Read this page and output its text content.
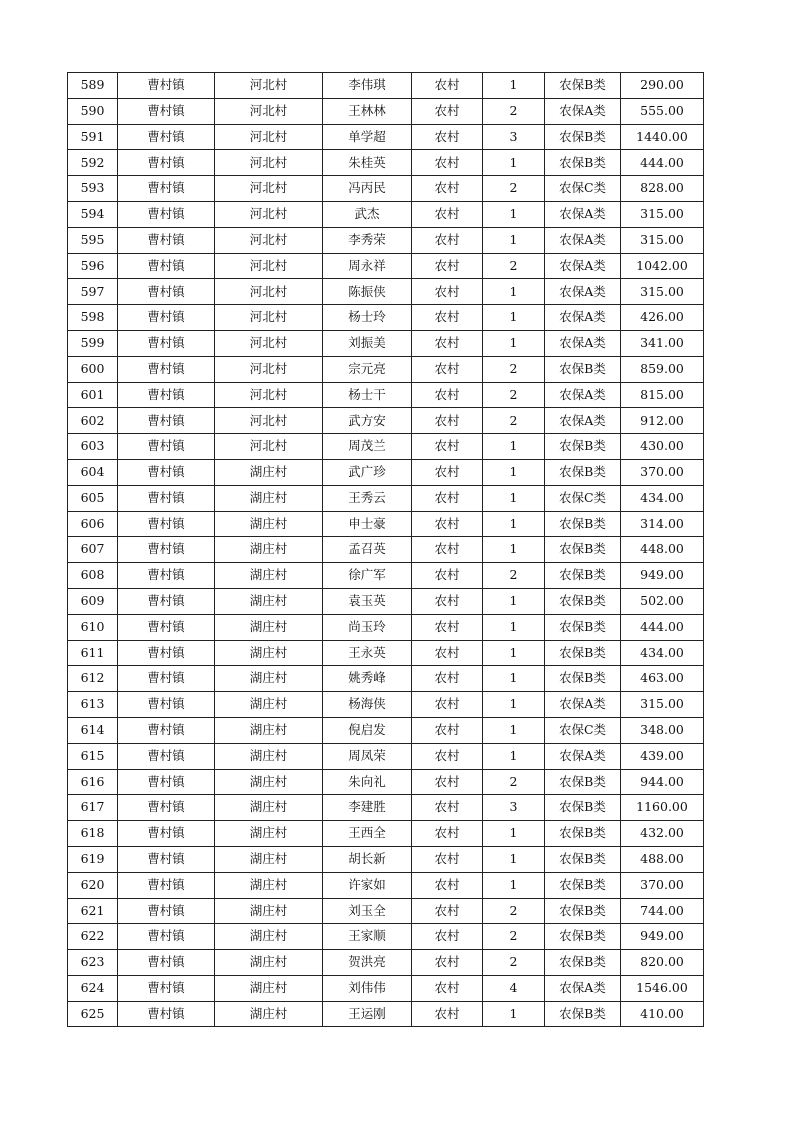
589	曹村镇	河北村	李伟琪	农村	1	农保B类	290.00
590	曹村镇	河北村	王林林	农村	2	农保A类	555.00
591	曹村镇	河北村	单学超	农村	3	农保B类	1440.00
592	曹村镇	河北村	朱桂英	农村	1	农保B类	444.00
593	曹村镇	河北村	冯丙民	农村	2	农保C类	828.00
594	曹村镇	河北村	武杰	农村	1	农保A类	315.00
595	曹村镇	河北村	李秀荣	农村	1	农保A类	315.00
596	曹村镇	河北村	周永祥	农村	2	农保A类	1042.00
597	曹村镇	河北村	陈振侠	农村	1	农保A类	315.00
598	曹村镇	河北村	杨士玲	农村	1	农保A类	426.00
599	曹村镇	河北村	刘振美	农村	1	农保A类	341.00
600	曹村镇	河北村	宗元亮	农村	2	农保B类	859.00
601	曹村镇	河北村	杨士干	农村	2	农保A类	815.00
602	曹村镇	河北村	武方安	农村	2	农保A类	912.00
603	曹村镇	河北村	周茂兰	农村	1	农保B类	430.00
604	曹村镇	湖庄村	武广珍	农村	1	农保B类	370.00
605	曹村镇	湖庄村	王秀云	农村	1	农保C类	434.00
606	曹村镇	湖庄村	申士豪	农村	1	农保B类	314.00
607	曹村镇	湖庄村	孟召英	农村	1	农保B类	448.00
608	曹村镇	湖庄村	徐广军	农村	2	农保B类	949.00
609	曹村镇	湖庄村	袁玉英	农村	1	农保B类	502.00
610	曹村镇	湖庄村	尚玉玲	农村	1	农保B类	444.00
611	曹村镇	湖庄村	王永英	农村	1	农保B类	434.00
612	曹村镇	湖庄村	姚秀峰	农村	1	农保B类	463.00
613	曹村镇	湖庄村	杨海侠	农村	1	农保A类	315.00
614	曹村镇	湖庄村	倪启发	农村	1	农保C类	348.00
615	曹村镇	湖庄村	周凤荣	农村	1	农保A类	439.00
616	曹村镇	湖庄村	朱向礼	农村	2	农保B类	944.00
617	曹村镇	湖庄村	李建胜	农村	3	农保B类	1160.00
618	曹村镇	湖庄村	王西全	农村	1	农保B类	432.00
619	曹村镇	湖庄村	胡长新	农村	1	农保B类	488.00
620	曹村镇	湖庄村	许家如	农村	1	农保B类	370.00
621	曹村镇	湖庄村	刘玉全	农村	2	农保B类	744.00
622	曹村镇	湖庄村	王家顺	农村	2	农保B类	949.00
623	曹村镇	湖庄村	贺洪亮	农村	2	农保B类	820.00
624	曹村镇	湖庄村	刘伟伟	农村	4	农保A类	1546.00
625	曹村镇	湖庄村	王运刚	农村	1	农保B类	410.00
